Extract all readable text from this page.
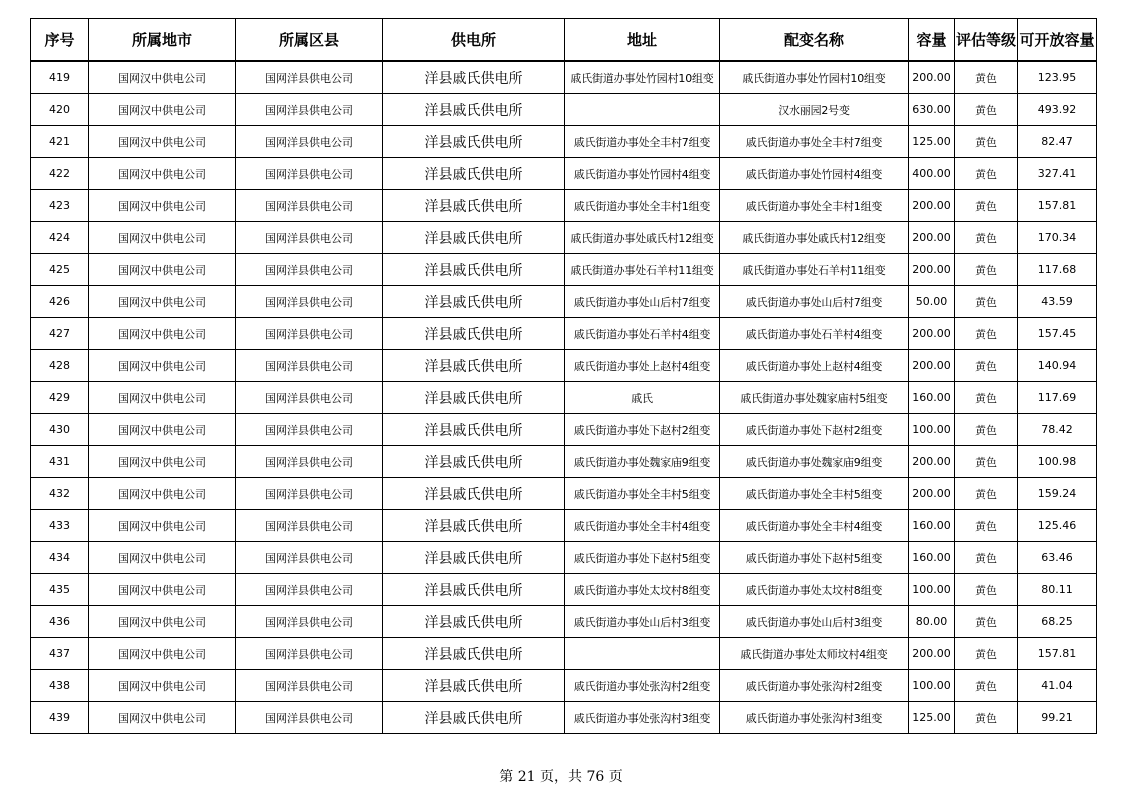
序号	所属地市	所属区县	供电所	地址	配变名称	容量	评估等级	可开放容量
419	国网汉中供电公司	国网洋县供电公司	洋县戚氏供电所	戚氏街道办事处竹园村10组变	戚氏街道办事处竹园村10组变	200.00	黄色	123.95
420	国网汉中供电公司	国网洋县供电公司	洋县戚氏供电所		汉水丽园2号变	630.00	黄色	493.92
421	国网汉中供电公司	国网洋县供电公司	洋县戚氏供电所	戚氏街道办事处全丰村7组变	戚氏街道办事处全丰村7组变	125.00	黄色	82.47
422	国网汉中供电公司	国网洋县供电公司	洋县戚氏供电所	戚氏街道办事处竹园村4组变	戚氏街道办事处竹园村4组变	400.00	黄色	327.41
423	国网汉中供电公司	国网洋县供电公司	洋县戚氏供电所	戚氏街道办事处全丰村1组变	戚氏街道办事处全丰村1组变	200.00	黄色	157.81
424	国网汉中供电公司	国网洋县供电公司	洋县戚氏供电所	戚氏街道办事处戚氏村12组变	戚氏街道办事处戚氏村12组变	200.00	黄色	170.34
425	国网汉中供电公司	国网洋县供电公司	洋县戚氏供电所	戚氏街道办事处石羊村11组变	戚氏街道办事处石羊村11组变	200.00	黄色	117.68
426	国网汉中供电公司	国网洋县供电公司	洋县戚氏供电所	戚氏街道办事处山后村7组变	戚氏街道办事处山后村7组变	50.00	黄色	43.59
427	国网汉中供电公司	国网洋县供电公司	洋县戚氏供电所	戚氏街道办事处石羊村4组变	戚氏街道办事处石羊村4组变	200.00	黄色	157.45
428	国网汉中供电公司	国网洋县供电公司	洋县戚氏供电所	戚氏街道办事处上赵村4组变	戚氏街道办事处上赵村4组变	200.00	黄色	140.94
429	国网汉中供电公司	国网洋县供电公司	洋县戚氏供电所	戚氏	戚氏街道办事处魏家庙村5组变	160.00	黄色	117.69
430	国网汉中供电公司	国网洋县供电公司	洋县戚氏供电所	戚氏街道办事处下赵村2组变	戚氏街道办事处下赵村2组变	100.00	黄色	78.42
431	国网汉中供电公司	国网洋县供电公司	洋县戚氏供电所	戚氏街道办事处魏家庙9组变	戚氏街道办事处魏家庙9组变	200.00	黄色	100.98
432	国网汉中供电公司	国网洋县供电公司	洋县戚氏供电所	戚氏街道办事处全丰村5组变	戚氏街道办事处全丰村5组变	200.00	黄色	159.24
433	国网汉中供电公司	国网洋县供电公司	洋县戚氏供电所	戚氏街道办事处全丰村4组变	戚氏街道办事处全丰村4组变	160.00	黄色	125.46
434	国网汉中供电公司	国网洋县供电公司	洋县戚氏供电所	戚氏街道办事处下赵村5组变	戚氏街道办事处下赵村5组变	160.00	黄色	63.46
435	国网汉中供电公司	国网洋县供电公司	洋县戚氏供电所	戚氏街道办事处太坟村8组变	戚氏街道办事处太坟村8组变	100.00	黄色	80.11
436	国网汉中供电公司	国网洋县供电公司	洋县戚氏供电所	戚氏街道办事处山后村3组变	戚氏街道办事处山后村3组变	80.00	黄色	68.25
437	国网汉中供电公司	国网洋县供电公司	洋县戚氏供电所		戚氏街道办事处太师坟村4组变	200.00	黄色	157.81
438	国网汉中供电公司	国网洋县供电公司	洋县戚氏供电所	戚氏街道办事处张沟村2组变	戚氏街道办事处张沟村2组变	100.00	黄色	41.04
439	国网汉中供电公司	国网洋县供电公司	洋县戚氏供电所	戚氏街道办事处张沟村3组变	戚氏街道办事处张沟村3组变	125.00	黄色	99.21
第 21 页，共 76 页
